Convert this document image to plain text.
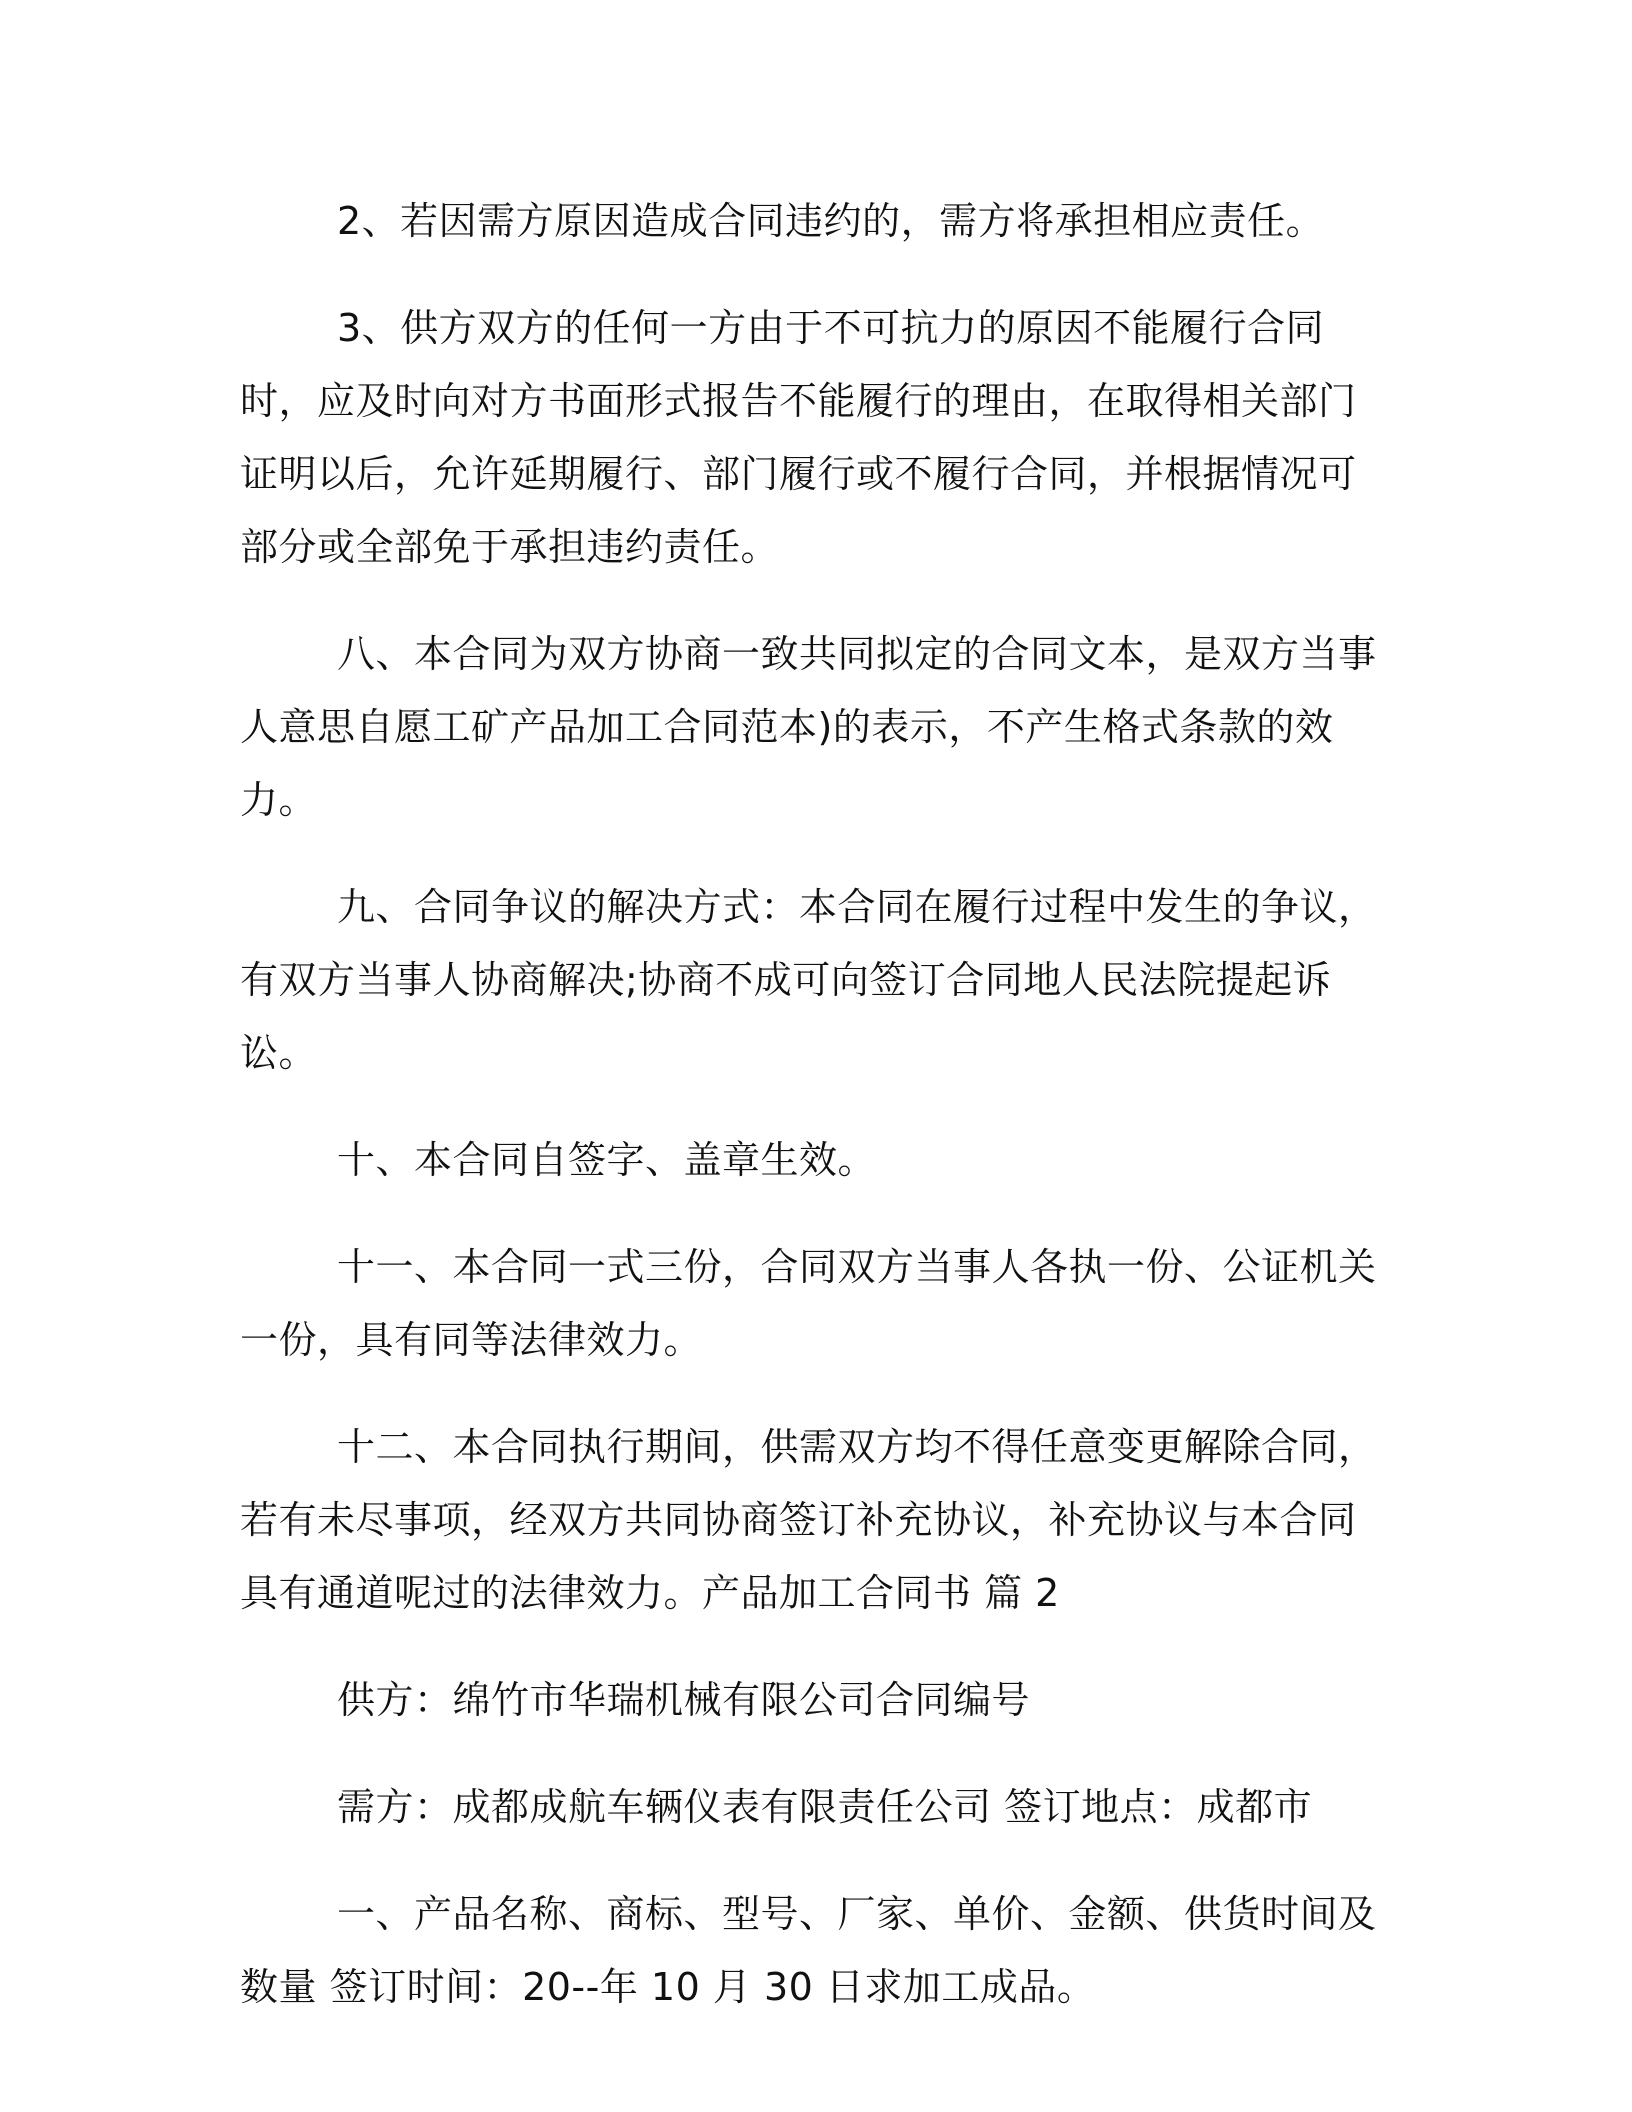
2、若因需方原因造成合同违约的，需方将承担相应责任。

3、供方双方的任何一方由于不可抗力的原因不能履行合同时，应及时向对方书面形式报告不能履行的理由，在取得相关部门证明以后，允许延期履行、部门履行或不履行合同，并根据情况可部分或全部免于承担违约责任。

八、本合同为双方协商一致共同拟定的合同文本，是双方当事人意思自愿工矿产品加工合同范本)的表示，不产生格式条款的效力。

九、合同争议的解决方式：本合同在履行过程中发生的争议，有双方当事人协商解决;协商不成可向签订合同地人民法院提起诉讼。

十、本合同自签字、盖章生效。

十一、本合同一式三份，合同双方当事人各执一份、公证机关一份，具有同等法律效力。

十二、本合同执行期间，供需双方均不得任意变更解除合同，若有未尽事项，经双方共同协商签订补充协议，补充协议与本合同具有通道呢过的法律效力。产品加工合同书 篇 2

供方：绵竹市华瑞机械有限公司合同编号

需方：成都成航车辆仪表有限责任公司 签订地点：成都市

一、产品名称、商标、型号、厂家、单价、金额、供货时间及数量 签订时间：20--年 10 月 30 日求加工成品。
